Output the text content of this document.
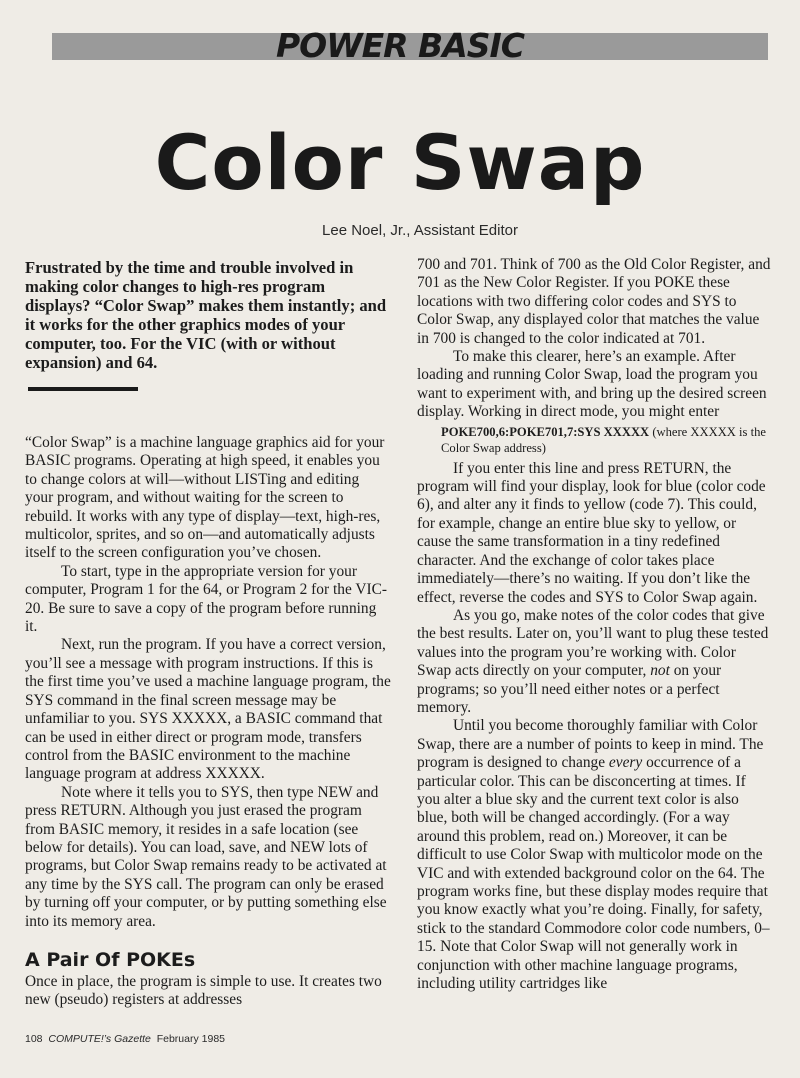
POWER BASIC
Color Swap
Lee Noel, Jr., Assistant Editor

Frustrated by the time and trouble involved in making color changes to high-res program displays? “Color Swap” makes them instantly; and it works for the other graphics modes of your computer, too. For the VIC (with or without expansion) and 64.

“Color Swap” is a machine language graphics aid for your BASIC programs. Operating at high speed, it enables you to change colors at will—without LISTing and editing your program, and without waiting for the screen to rebuild. It works with any type of display—text, high-res, multicolor, sprites, and so on—and automatically adjusts itself to the screen configuration you’ve chosen.

To start, type in the appropriate version for your computer, Program 1 for the 64, or Program 2 for the VIC-20. Be sure to save a copy of the program before running it.

Next, run the program. If you have a correct version, you’ll see a message with program instructions. If this is the first time you’ve used a machine language program, the SYS command in the final screen message may be unfamiliar to you. SYS XXXXX, a BASIC command that can be used in either direct or program mode, transfers control from the BASIC environment to the machine language program at address XXXXX.

Note where it tells you to SYS, then type NEW and press RETURN. Although you just erased the program from BASIC memory, it resides in a safe location (see below for details). You can load, save, and NEW lots of programs, but Color Swap remains ready to be activated at any time by the SYS call. The program can only be erased by turning off your computer, or by putting something else into its memory area.

A Pair Of POKEs

Once in place, the program is simple to use. It creates two new (pseudo) registers at addresses

700 and 701. Think of 700 as the Old Color Register, and 701 as the New Color Register. If you POKE these locations with two differing color codes and SYS to Color Swap, any displayed color that matches the value in 700 is changed to the color indicated at 701.

To make this clearer, here’s an example. After loading and running Color Swap, load the program you want to experiment with, and bring up the desired screen display. Working in direct mode, you might enter

POKE700,6:POKE701,7:SYS XXXXX (where XXXXX is the Color Swap address)

If you enter this line and press RETURN, the program will find your display, look for blue (color code 6), and alter any it finds to yellow (code 7). This could, for example, change an entire blue sky to yellow, or cause the same transformation in a tiny redefined character. And the exchange of color takes place immediately—there’s no waiting. If you don’t like the effect, reverse the codes and SYS to Color Swap again.

As you go, make notes of the color codes that give the best results. Later on, you’ll want to plug these tested values into the program you’re working with. Color Swap acts directly on your computer, not on your programs; so you’ll need either notes or a perfect memory.

Until you become thoroughly familiar with Color Swap, there are a number of points to keep in mind. The program is designed to change every occurrence of a particular color. This can be disconcerting at times. If you alter a blue sky and the current text color is also blue, both will be changed accordingly. (For a way around this problem, read on.) Moreover, it can be difficult to use Color Swap with multicolor mode on the VIC and with extended background color on the 64. The program works fine, but these display modes require that you know exactly what you’re doing. Finally, for safety, stick to the standard Commodore color code numbers, 0–15. Note that Color Swap will not generally work in conjunction with other machine language programs, including utility cartridges like

108 COMPUTE!’s Gazette February 1985
